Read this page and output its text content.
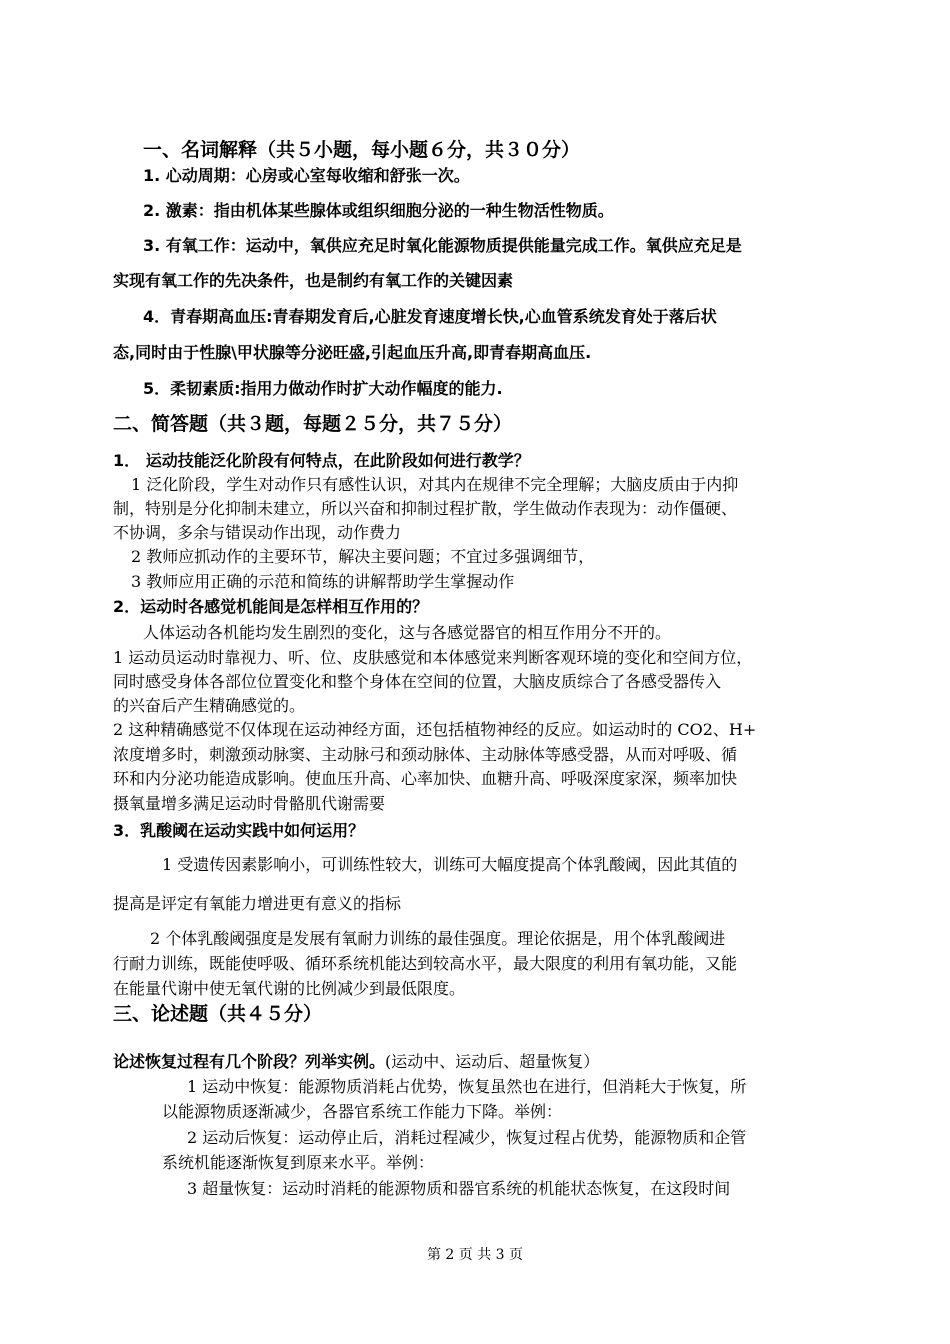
一、名词解释（共５小题，每小题６分，共３０分）
1. 心动周期：心房或心室每收缩和舒张一次。
2. 激素：指由机体某些腺体或组织细胞分泌的一种生物活性物质。
3. 有氧工作：运动中，氧供应充足时氧化能源物质提供能量完成工作。氧供应充足是
实现有氧工作的先决条件，也是制约有氧工作的关键因素
4．青春期高血压:青春期发育后,心脏发育速度增长快,心血管系统发育处于落后状
态,同时由于性腺\甲状腺等分泌旺盛,引起血压升高,即青春期高血压.
5．柔韧素质:指用力做动作时扩大动作幅度的能力.
二、简答题（共３题，每题２５分，共７５分）
1． 运动技能泛化阶段有何特点，在此阶段如何进行教学？
1 泛化阶段，学生对动作只有感性认识，对其内在规律不完全理解；大脑皮质由于内抑
制，特别是分化抑制未建立，所以兴奋和抑制过程扩散，学生做动作表现为：动作僵硬、
不协调，多余与错误动作出现，动作费力
2 教师应抓动作的主要环节，解决主要问题；不宜过多强调细节，
3 教师应用正确的示范和简练的讲解帮助学生掌握动作
2．运动时各感觉机能间是怎样相互作用的？
人体运动各机能均发生剧烈的变化，这与各感觉器官的相互作用分不开的。
1 运动员运动时靠视力、听、位、皮肤感觉和本体感觉来判断客观环境的变化和空间方位，
同时感受身体各部位位置变化和整个身体在空间的位置，大脑皮质综合了各感受器传入
的兴奋后产生精确感觉的。
2 这种精确感觉不仅体现在运动神经方面，还包括植物神经的反应。如运动时的 CO2、H+
浓度增多时，刺激颈动脉窦、主动脉弓和颈动脉体、主动脉体等感受器，从而对呼吸、循
环和内分泌功能造成影响。使血压升高、心率加快、血糖升高、呼吸深度家深，频率加快
摄氧量增多满足运动时骨骼肌代谢需要
3．乳酸阈在运动实践中如何运用？
1 受遗传因素影响小，可训练性较大，训练可大幅度提高个体乳酸阈，因此其值的
提高是评定有氧能力增进更有意义的指标
2 个体乳酸阈强度是发展有氧耐力训练的最佳强度。理论依据是，用个体乳酸阈进
行耐力训练，既能使呼吸、循环系统机能达到较高水平，最大限度的利用有氧功能，又能
在能量代谢中使无氧代谢的比例减少到最低限度。
三、论述题（共４５分）
论述恢复过程有几个阶段？列举实例。(运动中、运动后、超量恢复）
1 运动中恢复：能源物质消耗占优势，恢复虽然也在进行，但消耗大于恢复，所
以能源物质逐渐减少，各器官系统工作能力下降。举例：
2 运动后恢复：运动停止后，消耗过程减少，恢复过程占优势，能源物质和企管
系统机能逐渐恢复到原来水平。举例：
3 超量恢复：运动时消耗的能源物质和器官系统的机能状态恢复，在这段时间
第 2 页 共 3 页
